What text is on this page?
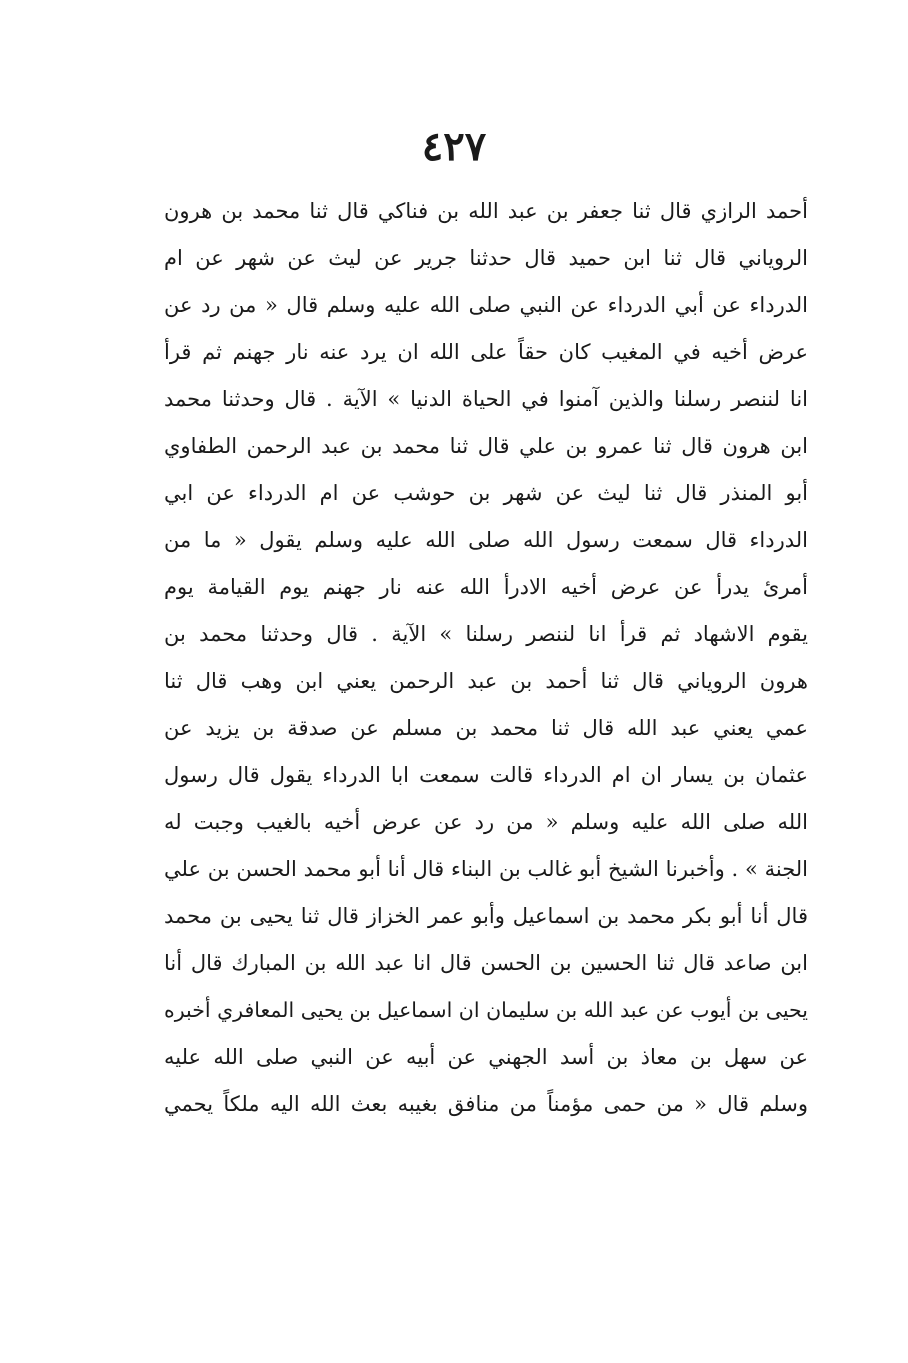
٤٢٧
أحمد الرازي قال ثنا جعفر بن عبد الله بن فناكي قال ثنا محمد بن هرون
الروياني قال ثنا ابن حميد قال حدثنا جرير عن ليث عن شهر عن ام
الدرداء عن أبي الدرداء عن النبي صلى الله عليه وسلم قال « من رد عن
عرض أخيه في المغيب كان حقاً على الله ان يرد عنه نار جهنم ثم قرأ
انا لننصر رسلنا والذين آمنوا في الحياة الدنيا » الآية . قال وحدثنا محمد
ابن هرون قال ثنا عمرو بن علي قال ثنا محمد بن عبد الرحمن الطفاوي
أبو المنذر قال ثنا ليث عن شهر بن حوشب عن ام الدرداء عن ابي
الدرداء قال سمعت رسول الله صلى الله عليه وسلم يقول « ما من
أمرئ يدرأ عن عرض أخيه الادرأ الله عنه نار جهنم يوم القيامة يوم
يقوم الاشهاد ثم قرأ انا لننصر رسلنا » الآية . قال وحدثنا محمد بن
هرون الروياني قال ثنا أحمد بن عبد الرحمن يعني ابن وهب قال ثنا
عمي يعني عبد الله قال ثنا محمد بن مسلم عن صدقة بن يزيد عن
عثمان بن يسار ان ام الدرداء قالت سمعت ابا الدرداء يقول قال رسول
الله صلى الله عليه وسلم « من رد عن عرض أخيه بالغيب وجبت له
الجنة » . وأخبرنا الشيخ أبو غالب بن البناء قال أنا أبو محمد الحسن بن علي
قال أنا أبو بكر محمد بن اسماعيل وأبو عمر الخزاز قال ثنا يحيى بن محمد
ابن صاعد قال ثنا الحسين بن الحسن قال انا عبد الله بن المبارك قال أنا
يحيى بن أيوب عن عبد الله بن سليمان ان اسماعيل بن يحيى المعافري أخبره
عن سهل بن معاذ بن أسد الجهني عن أبيه عن النبي صلى الله عليه
وسلم قال « من حمى مؤمناً من منافق بغيبه بعث الله اليه ملكاً يحمي
